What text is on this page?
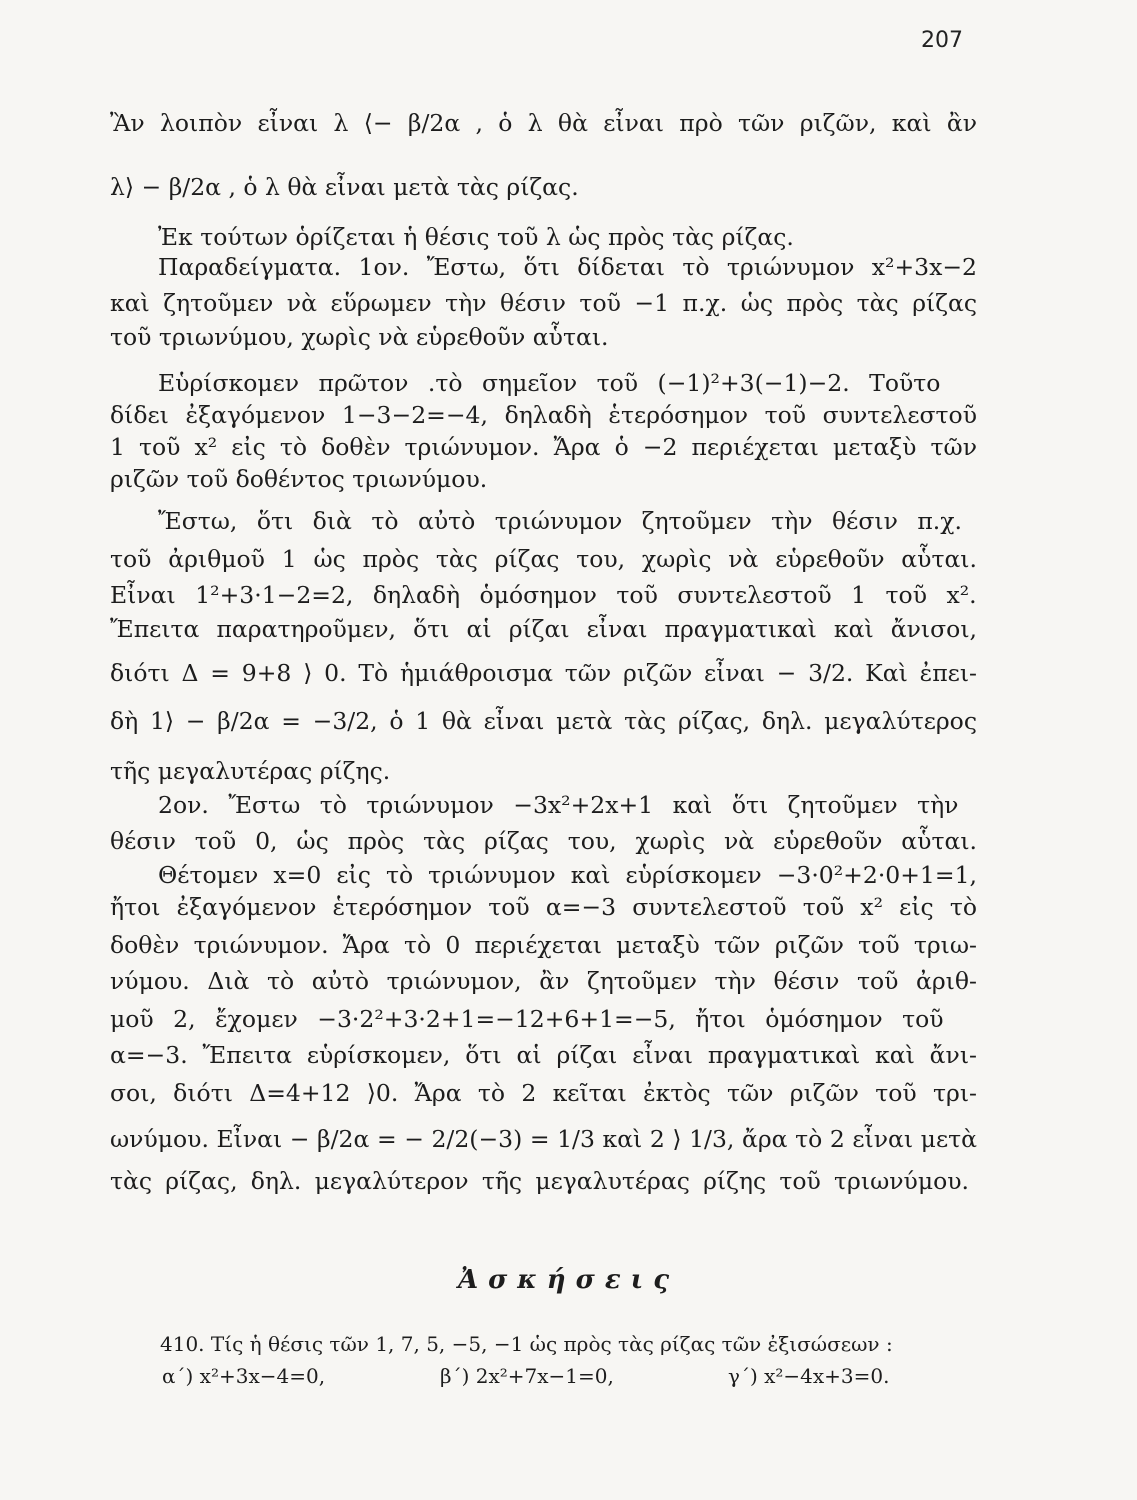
207
Ἂν λοιπὸν εἶναι λ ⟨− β/2α , ὁ λ θὰ εἶναι πρὸ τῶν ριζῶν, καὶ ἂν
λ⟩ − β/2α , ὁ λ θὰ εἶναι μετὰ τὰς ρίζας.
Ἐκ τούτων ὁρίζεται ἡ θέσις τοῦ λ ὡς πρὸς τὰς ρίζας.
Παραδείγματα. 1ον. Ἔστω, ὅτι δίδεται τὸ τριώνυμον x²+3x−2
καὶ ζητοῦμεν νὰ εὕρωμεν τὴν θέσιν τοῦ −1 π.χ. ὡς πρὸς τὰς ρίζας
τοῦ τριωνύμου, χωρὶς νὰ εὑρεθοῦν αὗται.
Εὑρίσκομεν πρῶτον .τὸ σημεῖον τοῦ (−1)²+3(−1)−2. Τοῦτο
δίδει ἐξαγόμενον 1−3−2=−4, δηλαδὴ ἑτερόσημον τοῦ συντελεστοῦ
1 τοῦ x² εἰς τὸ δοθὲν τριώνυμον. Ἄρα ὁ −2 περιέχεται μεταξὺ τῶν
ριζῶν τοῦ δοθέντος τριωνύμου.
Ἔστω, ὅτι διὰ τὸ αὐτὸ τριώνυμον ζητοῦμεν τὴν θέσιν π.χ.
τοῦ ἀριθμοῦ 1 ὡς πρὸς τὰς ρίζας του, χωρὶς νὰ εὑρεθοῦν αὗται.
Εἶναι 1²+3·1−2=2, δηλαδὴ ὁμόσημον τοῦ συντελεστοῦ 1 τοῦ x².
Ἔπειτα παρατηροῦμεν, ὅτι αἱ ρίζαι εἶναι πραγματικαὶ καὶ ἄνισοι,
διότι Δ = 9+8 ⟩ 0. Τὸ ἡμιάθροισμα τῶν ριζῶν εἶναι − 3/2. Καὶ ἐπει-
δὴ 1⟩ − β/2α = −3/2, ὁ 1 θὰ εἶναι μετὰ τὰς ρίζας, δηλ. μεγαλύτερος
τῆς μεγαλυτέρας ρίζης.
2ον. Ἔστω τὸ τριώνυμον −3x²+2x+1 καὶ ὅτι ζητοῦμεν τὴν
θέσιν τοῦ 0, ὡς πρὸς τὰς ρίζας του, χωρὶς νὰ εὑρεθοῦν αὗται.
Θέτομεν x=0 εἰς τὸ τριώνυμον καὶ εὑρίσκομεν −3·0²+2·0+1=1,
ἤτοι ἐξαγόμενον ἑτερόσημον τοῦ α=−3 συντελεστοῦ τοῦ x² εἰς τὸ
δοθὲν τριώνυμον. Ἄρα τὸ 0 περιέχεται μεταξὺ τῶν ριζῶν τοῦ τριω-
νύμου. Διὰ τὸ αὐτὸ τριώνυμον, ἂν ζητοῦμεν τὴν θέσιν τοῦ ἀριθ-
μοῦ 2, ἔχομεν −3·2²+3·2+1=−12+6+1=−5, ἤτοι ὁμόσημον τοῦ
α=−3. Ἔπειτα εὑρίσκομεν, ὅτι αἱ ρίζαι εἶναι πραγματικαὶ καὶ ἄνι-
σοι, διότι Δ=4+12 ⟩0. Ἄρα τὸ 2 κεῖται ἐκτὸς τῶν ριζῶν τοῦ τρι-
ωνύμου. Εἶναι − β/2α = − 2/2(−3) = 1/3 καὶ 2 ⟩ 1/3, ἄρα τὸ 2 εἶναι μετὰ
τὰς ρίζας, δηλ. μεγαλύτερον τῆς μεγαλυτέρας ρίζης τοῦ τριωνύμου.
Ἀσκήσεις
410. Τίς ἡ θέσις τῶν 1, 7, 5, −5, −1 ὡς πρὸς τὰς ρίζας τῶν ἐξισώσεων :
α΄) x²+3x−4=0,	β΄) 2x²+7x−1=0,	γ΄) x²−4x+3=0.
